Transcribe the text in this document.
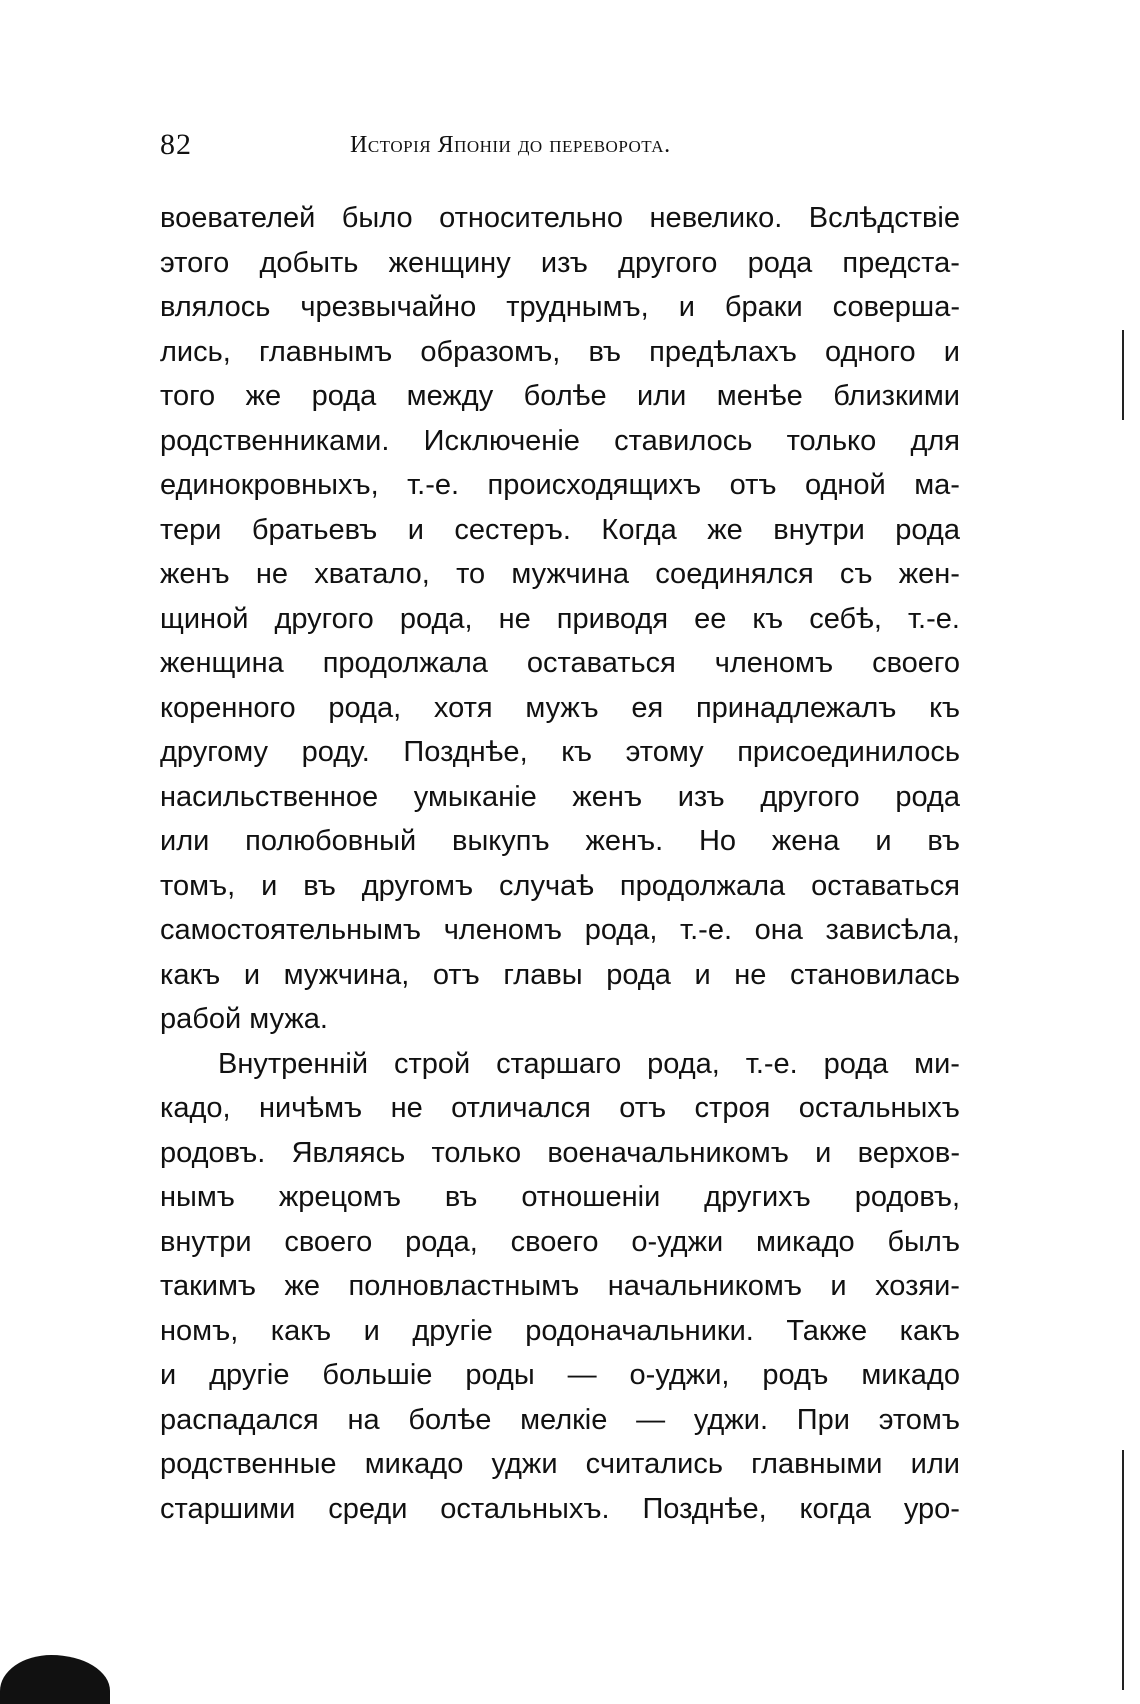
82	Исторія Японіи до переворота.
воевателей было относительно невелико. Вслѣдствіе
этого добыть женщину изъ другого рода предста-
влялось чрезвычайно труднымъ, и браки соверша-
лись, главнымъ образомъ, въ предѣлахъ одного и
того же рода между болѣе или менѣе близкими
родственниками. Исключеніе ставилось только для
единокровныхъ, т.-е. происходящихъ отъ одной ма-
тери братьевъ и сестеръ. Когда же внутри рода
женъ не хватало, то мужчина соединялся съ жен-
щиной другого рода, не приводя ее къ себѣ, т.-е.
женщина продолжала оставаться членомъ своего
коренного рода, хотя мужъ ея принадлежалъ къ
другому роду. Позднѣе, къ этому присоединилось
насильственное умыканіе женъ изъ другого рода
или полюбовный выкупъ женъ. Но жена и въ
томъ, и въ другомъ случаѣ продолжала оставаться
самостоятельнымъ членомъ рода, т.-е. она зависѣла,
какъ и мужчина, отъ главы рода и не становилась
рабой мужа.
Внутренній строй старшаго рода, т.-е. рода ми-
кадо, ничѣмъ не отличался отъ строя остальныхъ
родовъ. Являясь только военачальникомъ и верхов-
нымъ жрецомъ въ отношеніи другихъ родовъ,
внутри своего рода, своего о-уджи микадо былъ
такимъ же полновластнымъ начальникомъ и хозяи-
номъ, какъ и другіе родоначальники. Также какъ
и другіе большіе роды — о-уджи, родъ микадо
распадался на болѣе мелкіе — уджи. При этомъ
родственные микадо уджи считались главными или
старшими среди остальныхъ. Позднѣе, когда уро-
